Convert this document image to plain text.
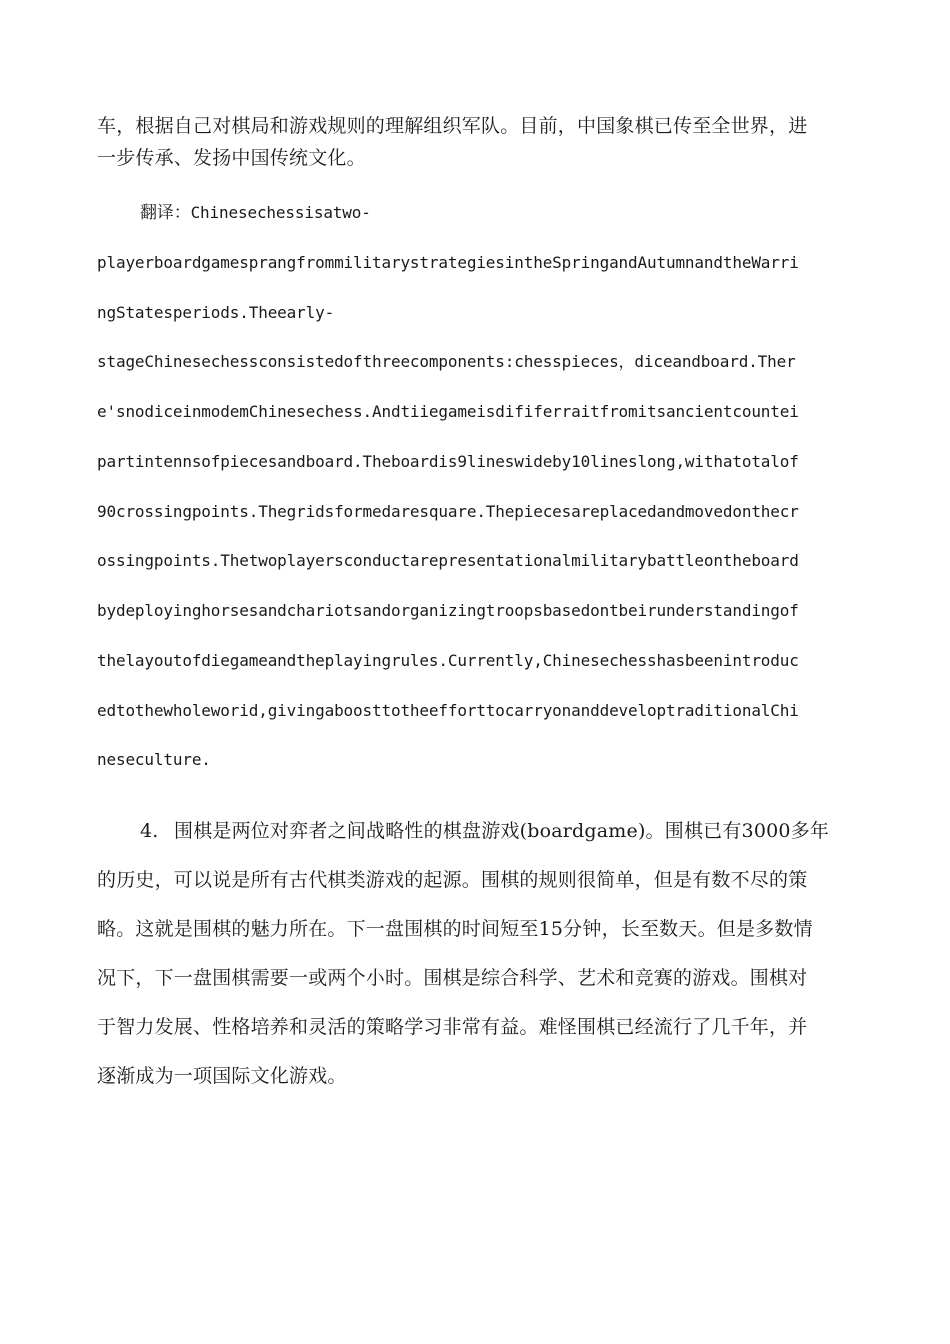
车，根据自己对棋局和游戏规则的理解组织军队。目前，中国象棋已传至全世界，进
一步传承、发扬中国传统文化。
翻译：Chinesechessisatwo-
playerboardgamesprangfrommilitarystrategiesintheSpringandAutumnandtheWarri
ngStatesperiods.Theearly-
stageChinesechessconsistedofthreecomponents:chesspieces，diceandboard.Ther
e'snodiceinmodemChinesechess.Andtiiegameisdififerraitfromitsancientcountei
partintennsofpiecesandboard.Theboardis9lineswideby10lineslong,withatotalof
90crossingpoints.Thegridsformedaresquare.Thepiecesareplacedandmovedonthecr
ossingpoints.Thetwoplayersconductarepresentationalmilitarybattleontheboard
bydeployinghorsesandchariotsandorganizingtroopsbasedontbeirunderstandingof
thelayoutofdiegameandtheplayingrules.Currently,Chinesechesshasbeenintroduc
edtothewholeworid,givingaboosttotheefforttocarryonanddeveloptraditionalChi
neseculture.
4. 围棋是两位对弈者之间战略性的棋盘游戏(boardgame)。围棋已有3000多年
的历史，可以说是所有古代棋类游戏的起源。围棋的规则很简单，但是有数不尽的策
略。这就是围棋的魅力所在。下一盘围棋的时间短至15分钟，长至数天。但是多数情
况下，下一盘围棋需要一或两个小时。围棋是综合科学、艺术和竞赛的游戏。围棋对
于智力发展、性格培养和灵活的策略学习非常有益。难怪围棋已经流行了几千年，并
逐渐成为一项国际文化游戏。
